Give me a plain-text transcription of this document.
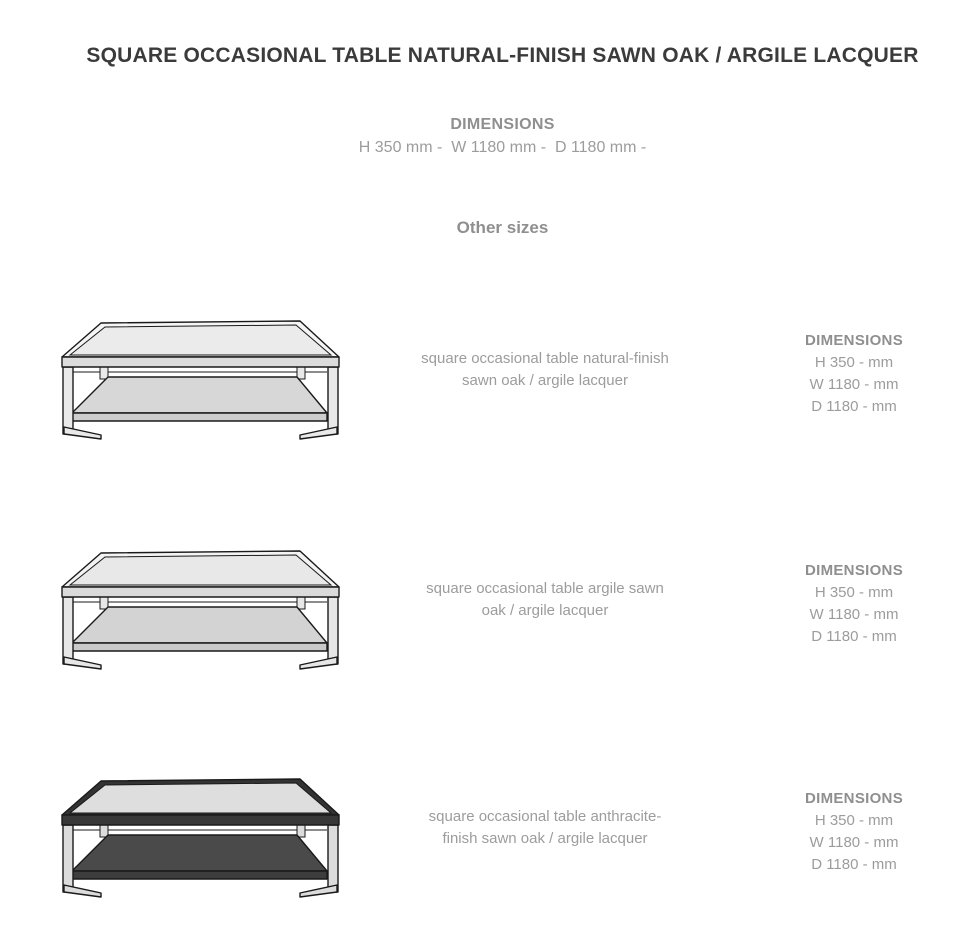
SQUARE OCCASIONAL TABLE NATURAL-FINISH SAWN OAK / ARGILE LACQUER
DIMENSIONS
H 350 mm -  W 1180 mm -  D 1180 mm -
Other sizes
square occasional table natural-finish
sawn oak / argile lacquer
DIMENSIONS
H 350 - mm
W 1180 - mm
D 1180 - mm
square occasional table argile sawn
oak / argile lacquer
DIMENSIONS
H 350 - mm
W 1180 - mm
D 1180 - mm
square occasional table anthracite-
finish sawn oak / argile lacquer
DIMENSIONS
H 350 - mm
W 1180 - mm
D 1180 - mm
